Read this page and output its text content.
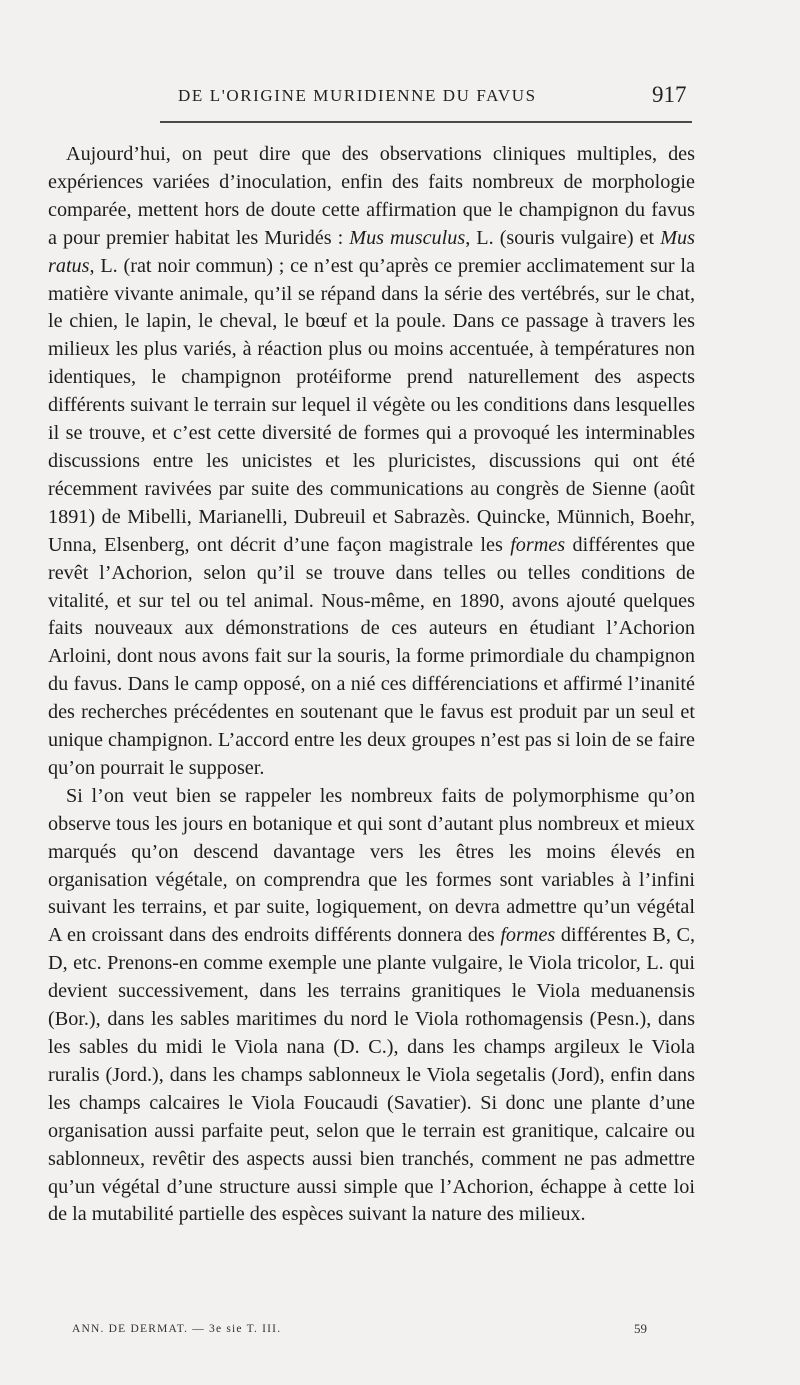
DE L'ORIGINE MURIDIENNE DU FAVUS	917

Aujourd’hui, on peut dire que des observations cliniques multiples, des expériences variées d’inoculation, enfin des faits nombreux de morphologie comparée, mettent hors de doute cette affirmation que le champignon du favus a pour premier habitat les Muridés : Mus musculus, L. (souris vulgaire) et Mus ratus, L. (rat noir commun) ; ce n’est qu’après ce premier acclimatement sur la matière vivante animale, qu’il se répand dans la série des vertébrés, sur le chat, le chien, le lapin, le cheval, le bœuf et la poule. Dans ce passage à travers les milieux les plus variés, à réaction plus ou moins accentuée, à températures non identiques, le champignon protéiforme prend naturellement des aspects différents suivant le terrain sur lequel il végète ou les conditions dans lesquelles il se trouve, et c’est cette diversité de formes qui a provoqué les interminables discussions entre les unicistes et les pluricistes, discussions qui ont été récemment ravivées par suite des communications au congrès de Sienne (août 1891) de Mibelli, Marianelli, Dubreuil et Sabrazès. Quincke, Münnich, Boehr, Unna, Elsenberg, ont décrit d’une façon magistrale les formes différentes que revêt l’Achorion, selon qu’il se trouve dans telles ou telles conditions de vitalité, et sur tel ou tel animal. Nous-même, en 1890, avons ajouté quelques faits nouveaux aux démonstrations de ces auteurs en étudiant l’Achorion Arloini, dont nous avons fait sur la souris, la forme primordiale du champignon du favus. Dans le camp opposé, on a nié ces différenciations et affirmé l’inanité des recherches précédentes en soutenant que le favus est produit par un seul et unique champignon. L’accord entre les deux groupes n’est pas si loin de se faire qu’on pourrait le supposer.

Si l’on veut bien se rappeler les nombreux faits de polymorphisme qu’on observe tous les jours en botanique et qui sont d’autant plus nombreux et mieux marqués qu’on descend davantage vers les êtres les moins élevés en organisation végétale, on comprendra que les formes sont variables à l’infini suivant les terrains, et par suite, logiquement, on devra admettre qu’un végétal A en croissant dans des endroits différents donnera des formes différentes B, C, D, etc. Prenons-en comme exemple une plante vulgaire, le Viola tricolor, L. qui devient successivement, dans les terrains granitiques le Viola meduanensis (Bor.), dans les sables maritimes du nord le Viola rothomagensis (Pesn.), dans les sables du midi le Viola nana (D. C.), dans les champs argileux le Viola ruralis (Jord.), dans les champs sablonneux le Viola segetalis (Jord), enfin dans les champs calcaires le Viola Foucaudi (Savatier). Si donc une plante d’une organisation aussi parfaite peut, selon que le terrain est granitique, calcaire ou sablonneux, revêtir des aspects aussi bien tranchés, comment ne pas admettre qu’un végétal d’une structure aussi simple que l’Achorion, échappe à cette loi de la mutabilité partielle des espèces suivant la nature des milieux.

ANN. DE DERMAT. — 3e sie T. III.	59
